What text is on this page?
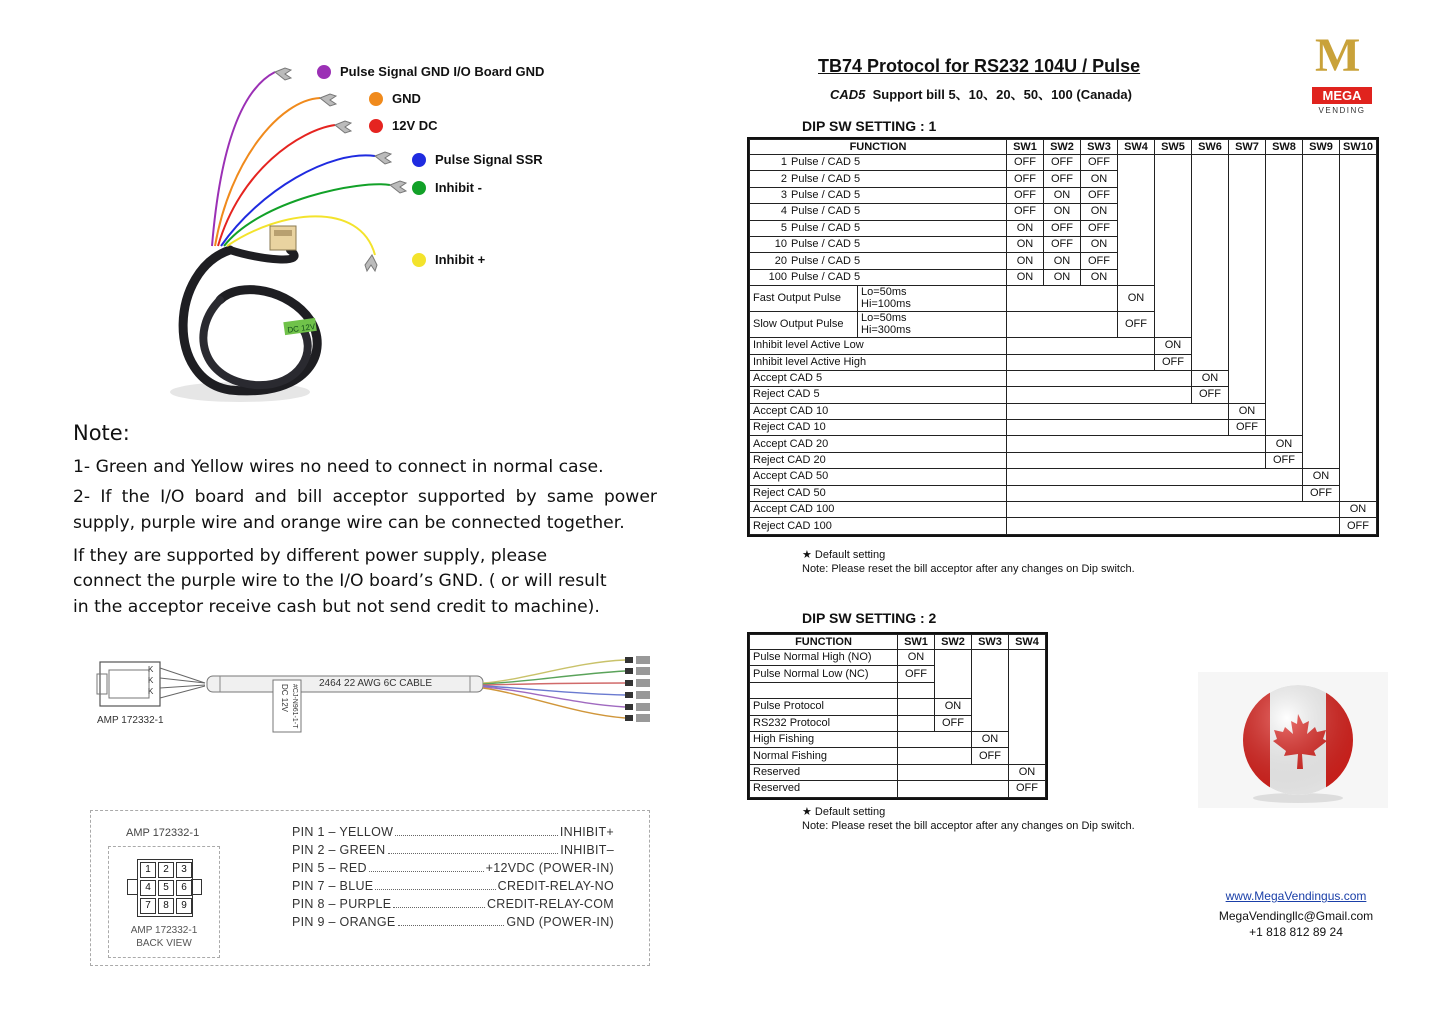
DC 12V
Pulse Signal GND I/O Board GND
GND
12V DC
Pulse Signal SSR
Inhibit -
Inhibit +
Note:
1- Green and Yellow wires no need to connect in normal case.
2- If the I/O board and bill acceptor supported by same power
supply, purple wire and orange wire can be connected together.
If they are supported by different power supply, please
connect the purple wire to the I/O board’s GND. ( or will result
in the acceptor receive cash but not send credit to machine).
2464 22 AWG 6C CABLE
AMP 172332-1
DC 12V #CJ-N961-1-T
K
K
K
AMP 172332-1
1	2	3
4	5	6
7	8	9
AMP 172332-1
BACK VIEW
PIN 1 – YELLOW	INHIBIT+
PIN 2 – GREEN	INHIBIT–
PIN 5 – RED	+12VDC (POWER-IN)
PIN 7 – BLUE	CREDIT-RELAY-NO
PIN 8 – PURPLE	CREDIT-RELAY-COM
PIN 9 – ORANGE	GND (POWER-IN)
TB74 Protocol for RS232 104U / Pulse
CAD5  Support bill 5、10、20、50、100 (Canada)
M
MEGA
VENDING
DIP SW SETTING : 1
FUNCTION	SW1	SW2	SW3	SW4	SW5	SW6	SW7	SW8	SW9	SW10
1 Pulse / CAD 5	OFF	OFF	OFF							
2 Pulse / CAD 5	OFF	OFF	ON							
3 Pulse / CAD 5	OFF	ON	OFF							
4 Pulse / CAD 5	OFF	ON	ON							
5 Pulse / CAD 5	ON	OFF	OFF							
10 Pulse / CAD 5	ON	OFF	ON							
20 Pulse / CAD 5	ON	ON	OFF							
100 Pulse / CAD 5	ON	ON	ON							

Fast Output Pulse Lo=50ms
Hi=100ms				ON						

Slow Output Pulse Lo=50ms
Hi=300ms				OFF						
Inhibit level Active Low					ON					
Inhibit level Active High					OFF					
Accept CAD 5						ON				
Reject CAD 5						OFF				
Accept CAD 10							ON			
Reject CAD 10							OFF			
Accept CAD 20								ON		
Reject CAD 20								OFF		
Accept CAD 50									ON	
Reject CAD 50									OFF	
Accept CAD 100										ON
Reject CAD 100										OFF
★ Default setting
Note: Please reset the bill acceptor after any changes on Dip switch.
DIP SW SETTING : 2
FUNCTION	SW1	SW2	SW3	SW4
Pulse Normal High (NO)	ON			
Pulse Normal Low (NC)	OFF			

Pulse Protocol		ON		
RS232 Protocol		OFF		
High Fishing			ON	
Normal Fishing			OFF	
Reserved				ON
Reserved				OFF
★ Default setting
Note: Please reset the bill acceptor after any changes on Dip switch.
www.MegaVendingus.com
MegaVendingllc@Gmail.com
+1 818 812 89 24
